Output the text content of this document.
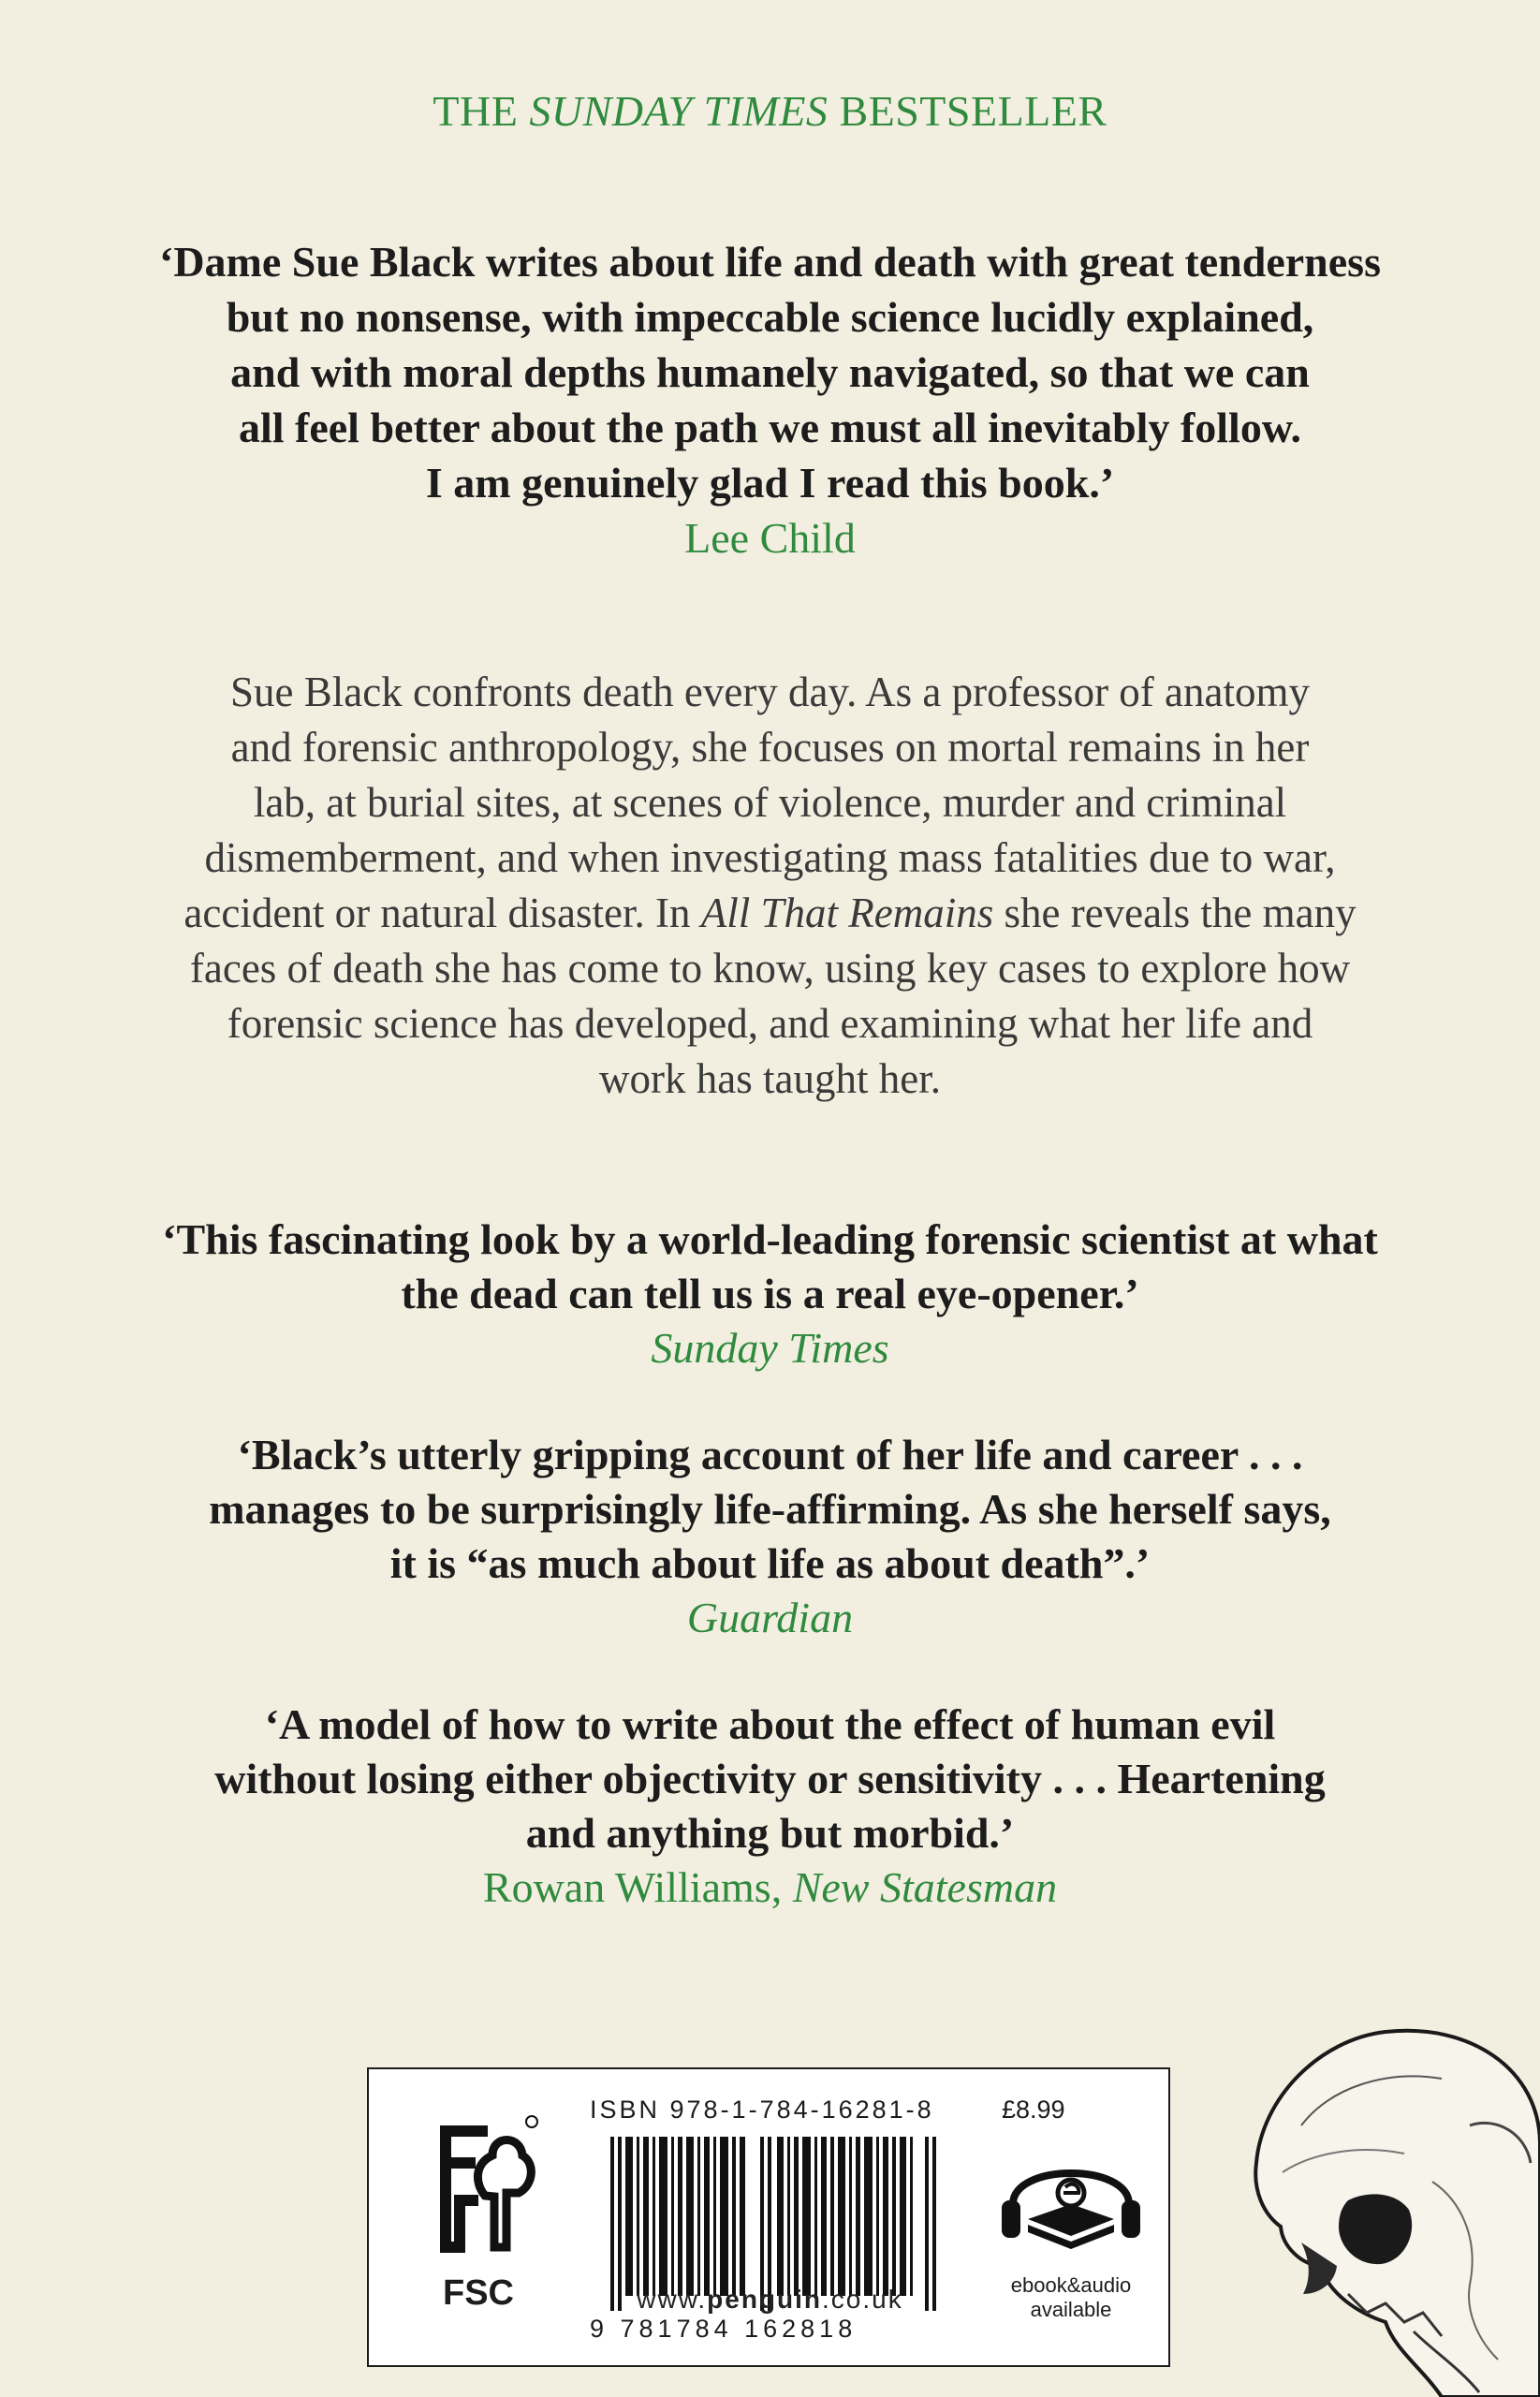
THE SUNDAY TIMES BESTSELLER
‘Dame Sue Black writes about life and death with great tenderness
but no nonsense, with impeccable science lucidly explained,
and with moral depths humanely navigated, so that we can
all feel better about the path we must all inevitably follow.
I am genuinely glad I read this book.’
Lee Child
Sue Black confronts death every day. As a professor of anatomy
and forensic anthropology, she focuses on mortal remains in her
lab, at burial sites, at scenes of violence, murder and criminal
dismemberment, and when investigating mass fatalities due to war,
accident or natural disaster. In All That Remains she reveals the many
faces of death she has come to know, using key cases to explore how
forensic science has developed, and examining what her life and
work has taught her.
‘This fascinating look by a world-leading forensic scientist at what
the dead can tell us is a real eye-opener.’
Sunday Times
‘Black’s utterly gripping account of her life and career . . .
manages to be surprisingly life-affirming. As she herself says,
it is “as much about life as about death”.’
Guardian
‘A model of how to write about the effect of human evil
without losing either objectivity or sensitivity . . . Heartening
and anything but morbid.’
Rowan Williams, New Statesman
FSC
ISBN 978-1-784-16281-8
9 781784 162818
£8.99
ebook&audio
available
www.penguin.co.uk
